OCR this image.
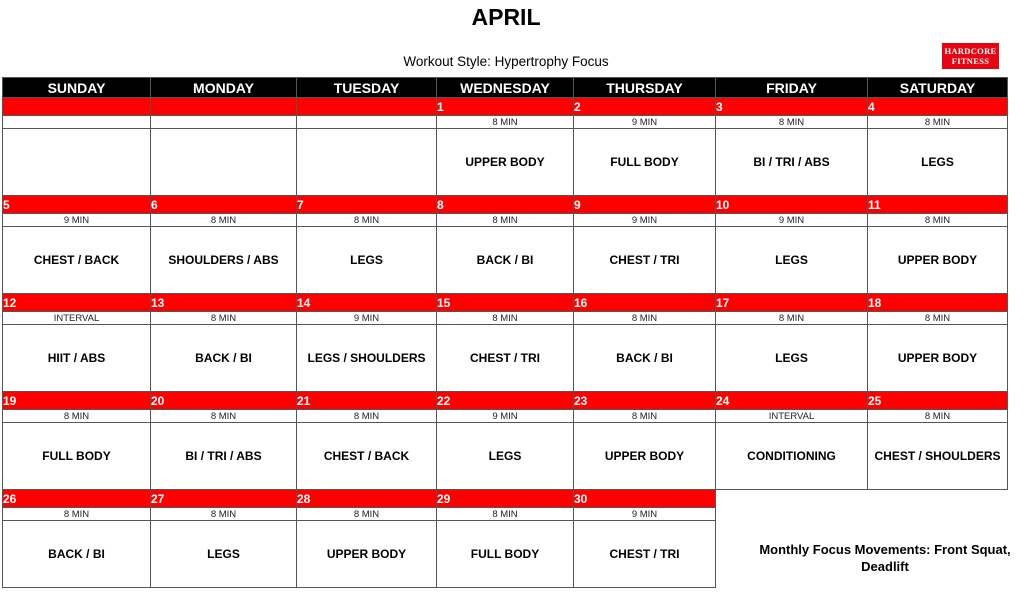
APRIL
Workout Style: Hypertrophy Focus
HARDCORE
FITNESS
SUNDAY	MONDAY	TUESDAY	WEDNESDAY	THURSDAY	FRIDAY	SATURDAY
			1	2	3	4
			8 MIN	9 MIN	8 MIN	8 MIN
			UPPER BODY	FULL BODY	BI / TRI / ABS	LEGS
5	6	7	8	9	10	11
9 MIN	8 MIN	8 MIN	8 MIN	9 MIN	9 MIN	8 MIN
CHEST / BACK	SHOULDERS / ABS	LEGS	BACK / BI	CHEST / TRI	LEGS	UPPER BODY
12	13	14	15	16	17	18
INTERVAL	8 MIN	9 MIN	8 MIN	8 MIN	8 MIN	8 MIN
HIIT / ABS	BACK / BI	LEGS / SHOULDERS	CHEST / TRI	BACK / BI	LEGS	UPPER BODY
19	20	21	22	23	24	25
8 MIN	8 MIN	8 MIN	9 MIN	8 MIN	INTERVAL	8 MIN
FULL BODY	BI / TRI / ABS	CHEST / BACK	LEGS	UPPER BODY	CONDITIONING	CHEST / SHOULDERS
26	27	28	29	30		
8 MIN	8 MIN	8 MIN	8 MIN	9 MIN		
BACK / BI	LEGS	UPPER BODY	FULL BODY	CHEST / TRI			Monthly Focus Movements: Front Squat,
Deadlift
